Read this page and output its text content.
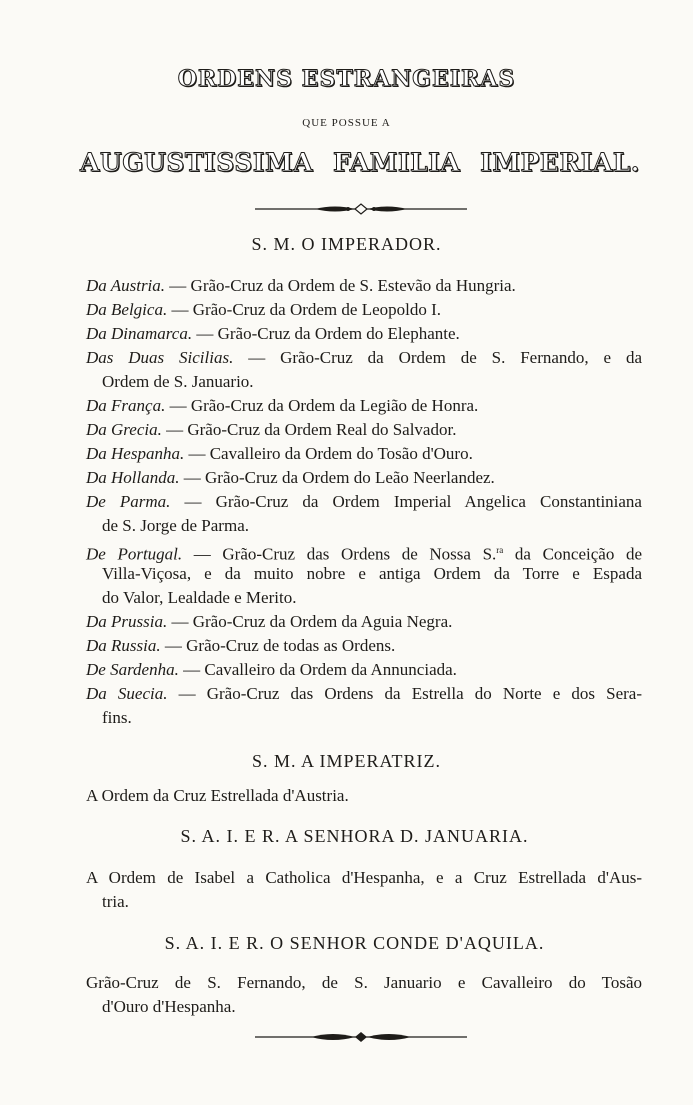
ORDENS ESTRANGEIRAS
QUE POSSUE A
AUGUSTISSIMA FAMILIA IMPERIAL.
S. M. O IMPERADOR.
Da Austria. — Grão-Cruz da Ordem de S. Estevão da Hungria.
Da Belgica. — Grão-Cruz da Ordem de Leopoldo I.
Da Dinamarca. — Grão-Cruz da Ordem do Elephante.
Das Duas Sicilias. — Grão-Cruz da Ordem de S. Fernando, e da
Ordem de S. Januario.
Da França. — Grão-Cruz da Ordem da Legião de Honra.
Da Grecia. — Grão-Cruz da Ordem Real do Salvador.
Da Hespanha. — Cavalleiro da Ordem do Tosão d'Ouro.
Da Hollanda. — Grão-Cruz da Ordem do Leão Neerlandez.
De Parma. — Grão-Cruz da Ordem Imperial Angelica Constantiniana
de S. Jorge de Parma.
De Portugal. — Grão-Cruz das Ordens de Nossa S.$^{ra}$ da Conceição de
Villa-Viçosa, e da muito nobre e antiga Ordem da Torre e Espada
do Valor, Lealdade e Merito.
Da Prussia. — Grão-Cruz da Ordem da Aguia Negra.
Da Russia. — Grão-Cruz de todas as Ordens.
De Sardenha. — Cavalleiro da Ordem da Annunciada.
Da Suecia. — Grão-Cruz das Ordens da Estrella do Norte e dos Sera-
fins.
S. M. A IMPERATRIZ.
A Ordem da Cruz Estrellada d'Austria.
S. A. I. E R. A SENHORA D. JANUARIA.
A Ordem de Isabel a Catholica d'Hespanha, e a Cruz Estrellada d'Aus-
tria.
S. A. I. E R. O SENHOR CONDE D'AQUILA.
Grão-Cruz de S. Fernando, de S. Januario e Cavalleiro do Tosão
d'Ouro d'Hespanha.
